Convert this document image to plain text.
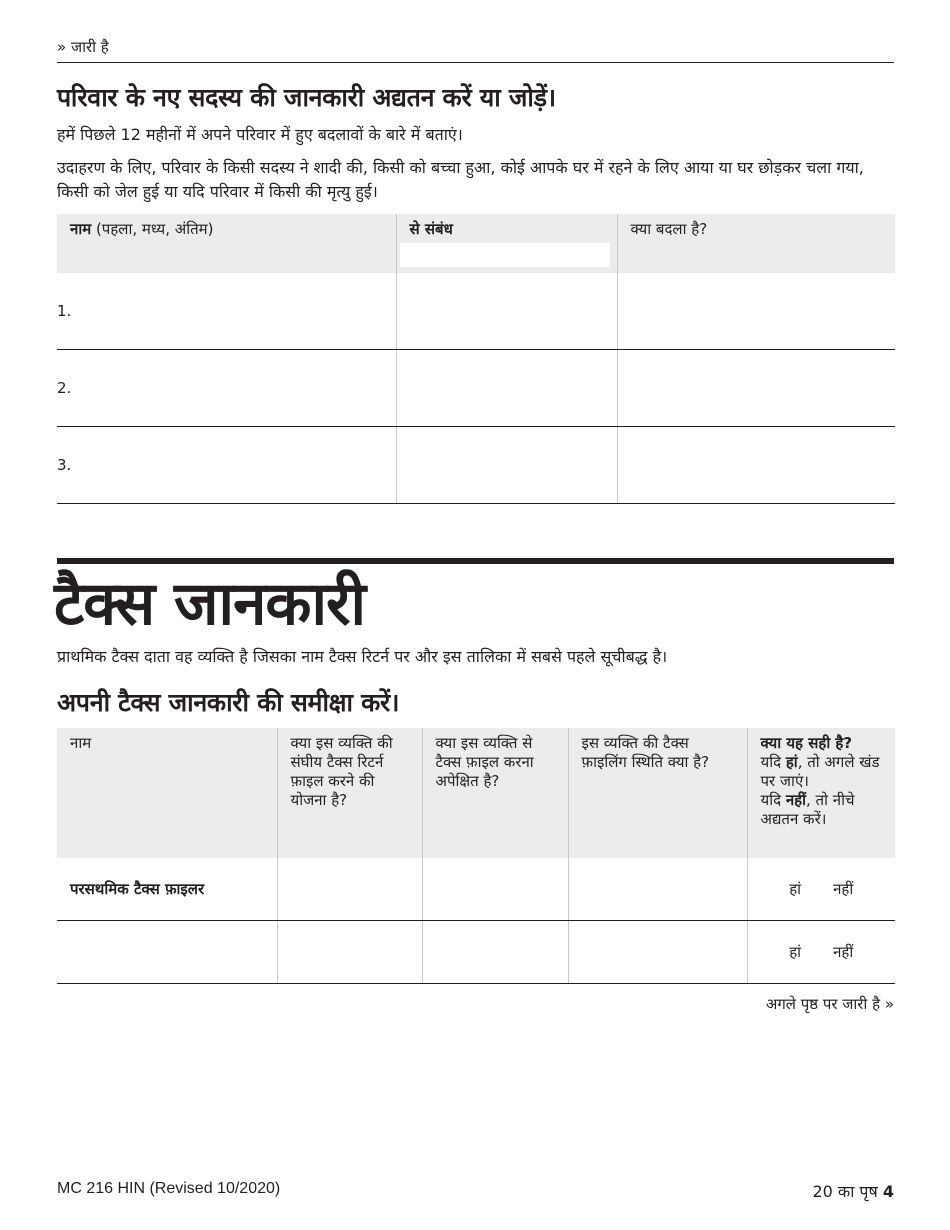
» जारी है
परिवार के नए सदस्य की जानकारी अद्यतन करें या जोड़ें।
हमें पिछले 12 महीनों में अपने परिवार में हुए बदलावों के बारे में बताएं।
उदाहरण के लिए, परिवार के किसी सदस्य ने शादी की, किसी को बच्चा हुआ, कोई आपके घर में रहने के लिए आया या घर छोड़कर चला गया, किसी को जेल हुई या यदि परिवार में किसी की मृत्यु हुई।
नाम (पहला, मध्य, अंतिम)	से संबंध	क्या बदला है?
1.		
2.		
3.		
टैक्स जानकारी
प्राथमिक टैक्स दाता वह व्यक्ति है जिसका नाम टैक्स रिटर्न पर और इस तालिका में सबसे पहले सूचीबद्ध है।
अपनी टैक्स जानकारी की समीक्षा करें।
नाम	क्या इस व्यक्ति की संघीय टैक्स रिटर्न फ़ाइल करने की योजना है?	क्या इस व्यक्ति से टैक्स फ़ाइल करना अपेक्षित है?	इस व्यक्ति की टैक्स फ़ाइलिंग स्थिति क्या है?	क्या यह सही है?
यदि हां, तो अगले खंड पर जाएं।
यदि नहीं, तो नीचे अद्यतन करें।
परसथमिक टैक्स फ़ाइलर				हां नहीं
				हां नहीं
अगले पृष्ठ पर जारी है »
MC 216 HIN (Revised 10/2020)	20 का पृष 4
